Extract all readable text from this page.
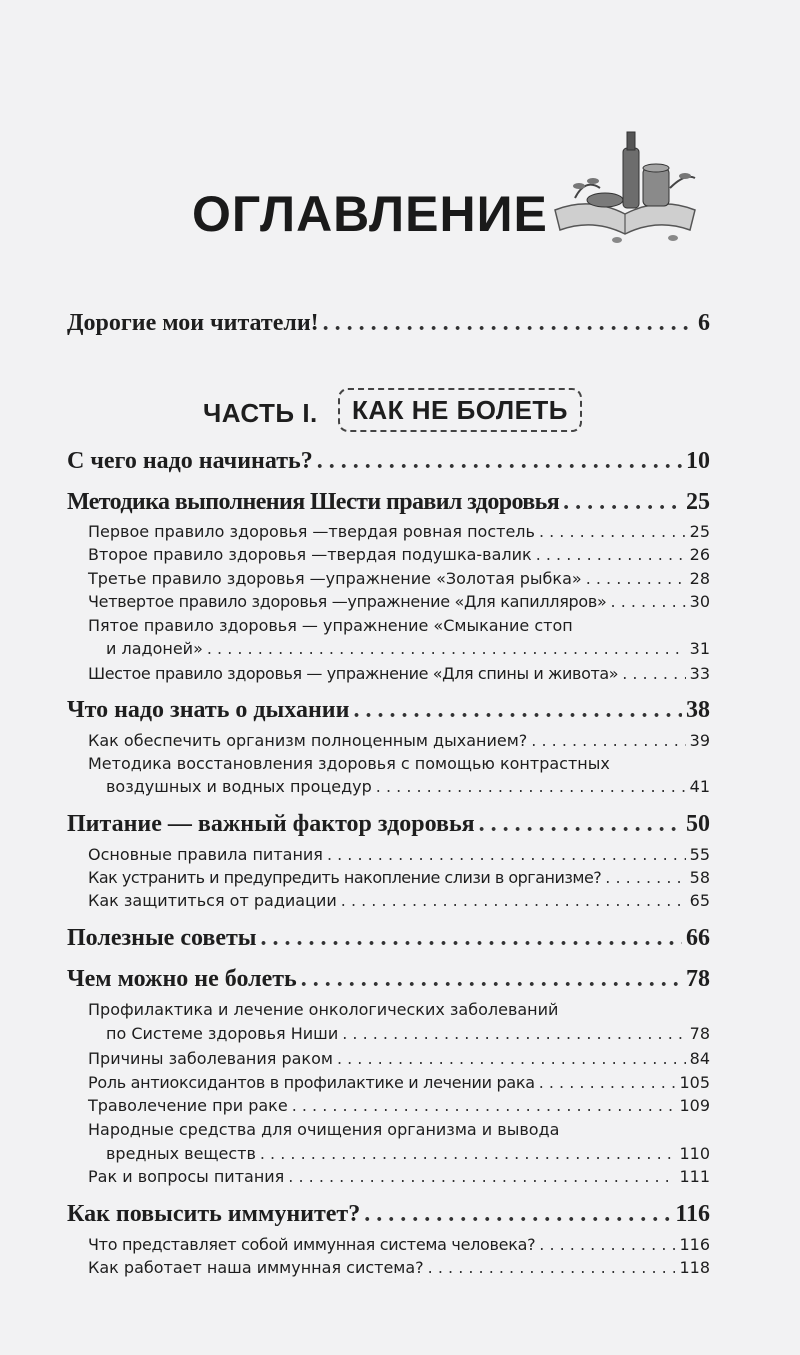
ОГЛАВЛЕНИЕ
Дорогие мои читатели! . . .	6
ЧАСТЬ I.	КАК НЕ БОЛЕТЬ
С чего надо начинать? . . .	10
Методика выполнения Шести правил здоровья . . .	25
Первое правило здоровья —твердая ровная постель . . .	25
Второе правило здоровья —твердая подушка-валик . . .	26
Третье правило здоровья —упражнение «Золотая рыбка» . . .	28
Четвертое правило здоровья —упражнение «Для капилляров» . . .	30
Пятое правило здоровья — упражнение «Смыкание стоп
и ладоней» . . .	31
Шестое правило здоровья — упражнение «Для спины и живота» . . .	33
Что надо знать о дыхании . . .	38
Как обеспечить организм полноценным дыханием? . . .	39
Методика восстановления здоровья с помощью контрастных
воздушных и водных процедур . . .	41
Питание — важный фактор здоровья . . .	50
Основные правила питания . . .	55
Как устранить и предупредить накопление слизи в организме? . . .	58
Как защититься от радиации . . .	65
Полезные советы . . .	66
Чем можно не болеть . . .	78
Профилактика и лечение онкологических заболеваний
по Системе здоровья Ниши . . .	78
Причины заболевания раком . . .	84
Роль антиоксидантов в профилактике и лечении рака . . .	105
Траволечение при раке . . .	109
Народные средства для очищения организма и вывода
вредных веществ . . .	110
Рак и вопросы питания . . .	111
Как повысить иммунитет? . . .	116
Что представляет собой иммунная система человека? . . .	116
Как работает наша иммунная система? . . .	118
